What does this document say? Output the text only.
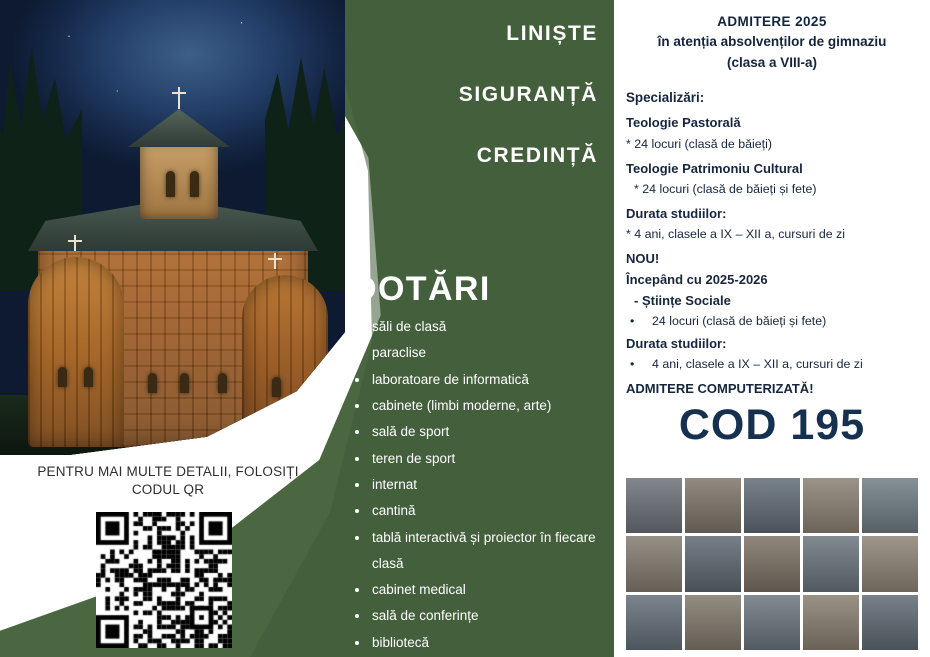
LINIȘTE
SIGURANȚĂ
CREDINȚĂ
DOTĂRI
• săli de clasă
• paraclise
• laboratoare de informatică
• cabinete (limbi moderne, arte)
• sală de sport
• teren de sport
• internat
• cantină
• tablă interactivă și proiector în fiecare clasă
• cabinet medical
• sală de conferințe
• bibliotecă
PENTRU MAI MULTE DETALII, FOLOSIȚI CODUL QR
ADMITERE 2025
în atenția absolvenților de gimnaziu
(clasa a VIII-a)
Specializări:
Teologie Pastorală
* 24 locuri (clasă de băieți)
Teologie Patrimoniu Cultural
* 24 locuri (clasă de băieți și fete)
Durata studiilor:
* 4 ani, clasele a IX – XII a, cursuri de zi
NOU!
Începând cu 2025-2026
- Științe Sociale
• 24 locuri (clasă de băieți și fete)
Durata studiilor:
• 4 ani, clasele a IX – XII a, cursuri de zi
ADMITERE COMPUTERIZATĂ!
COD 195
